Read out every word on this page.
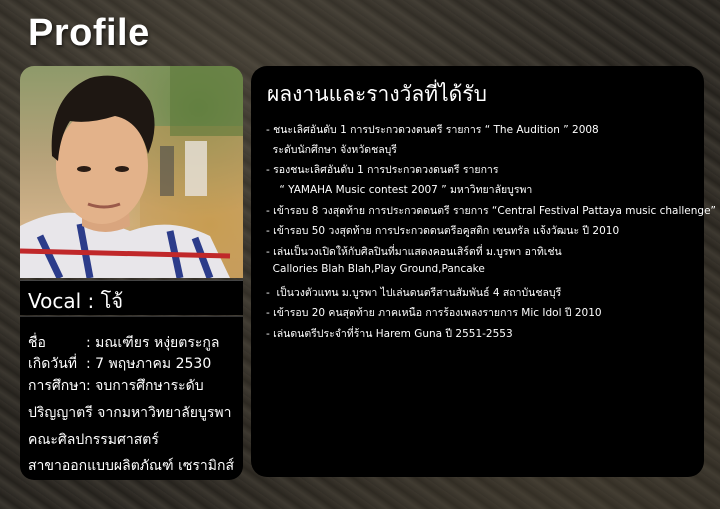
Profile
Vocal : โจ้
ชื่อ	: มณเฑียร หงุ่ยตระกูล
เกิดวันที่ : 7 พฤษภาคม 2530
การศึกษา: จบการศึกษาระดับ
ปริญญาตรี จากมหาวิทยาลัยบูรพา
คณะศิลปกรรมศาสตร์
สาขาออกแบบผลิตภัณฑ์ เซรามิกส์
ผลงานและรางวัลที่ได้รับ
- ชนะเลิศอันดับ 1 การประกวดวงดนตรี รายการ “ The Audition ” 2008
ระดับนักศึกษา จังหวัดชลบุรี
- รองชนะเลิศอันดับ 1 การประกวดวงดนตรี รายการ
“ YAMAHA Music contest 2007 ” มหาวิทยาลัยบูรพา
- เข้ารอบ 8 วงสุดท้าย การประกวดดนตรี รายการ “Central Festival Pattaya music challenge”
- เข้ารอบ 50 วงสุดท้าย การประกวดดนตรีอคูสติก เซนทรัล แจ้งวัฒนะ ปี 2010
- เล่นเป็นวงเปิดให้กับศิลปินที่มาแสดงคอนเสิร์ตที่ ม.บูรพา อาทิเช่น
Callories Blah Blah,Play Ground,Pancake
-  เป็นวงตัวแทน ม.บูรพา ไปเล่นดนตรีสานสัมพันธ์ 4 สถาบันชลบุรี
- เข้ารอบ 20 คนสุดท้าย ภาคเหนือ การร้องเพลงรายการ Mic Idol ปี 2010
- เล่นดนตรีประจำที่ร้าน Harem Guna ปี 2551-2553
